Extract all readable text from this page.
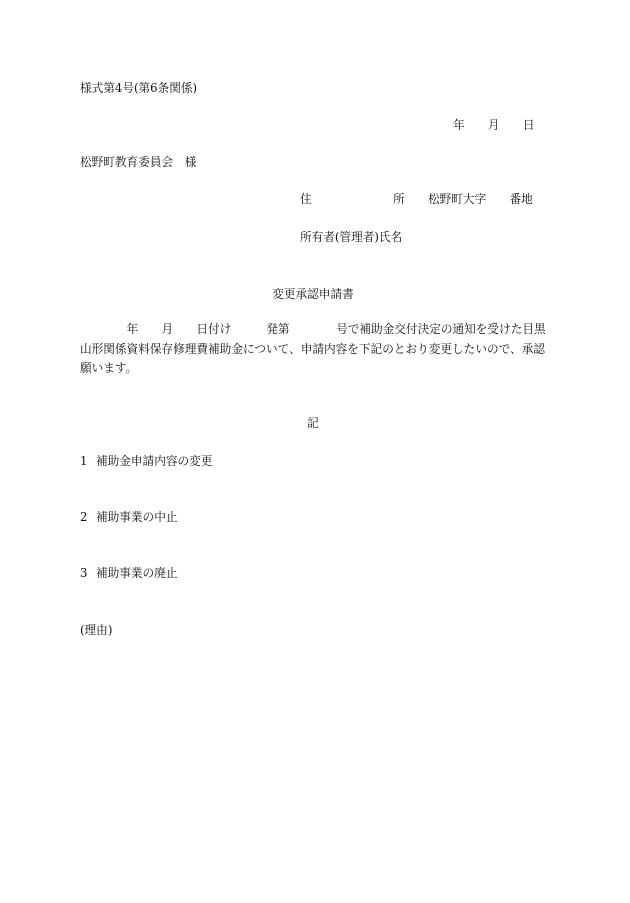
様式第4号(第6条関係)
年　　月　　日
松野町教育委員会　様
住　　　　　　　所 松野町大字　　番地
所有者(管理者)氏名
変更承認申請書
　　　　年　　月　　日付け　　　発第　　　　号で補助金交付決定の通知を受けた目黒
山形関係資料保存修理費補助金について、申請内容を下記のとおり変更したいので、承認
願います。
記
1 補助金申請内容の変更
2 補助事業の中止
3 補助事業の廃止
(理由)
